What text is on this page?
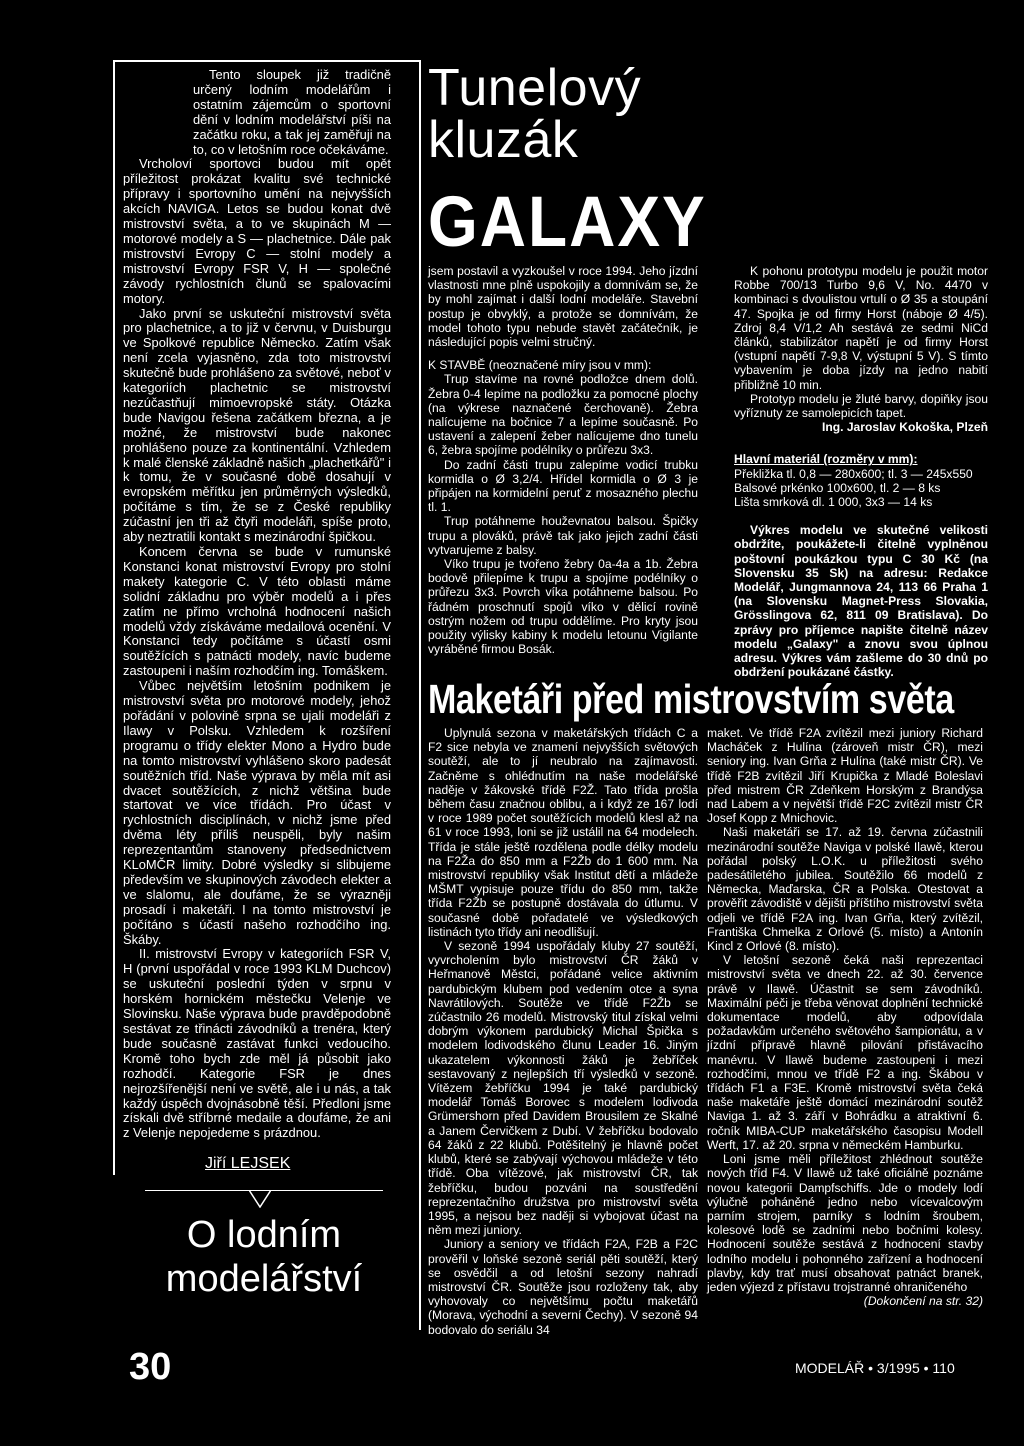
Tento sloupek již tradičně určený lodním modelářům i ostatním zájemcům o sportovní dění v lodním modelářství píši na začátku roku, a tak jej zaměřuji na to, co v letošním roce očekáváme.

Vrcholoví sportovci budou mít opět příležitost prokázat kvalitu své technické přípravy i sportovního umění na nejvyšších akcích NAVIGA. Letos se budou konat dvě mistrovství světa, a to ve skupinách M — motorové modely a S — plachetnice. Dále pak mistrovství Evropy C — stolní modely a mistrovství Evropy FSR V, H — společné závody rychlostních člunů se spalovacími motory.

Jako první se uskuteční mistrovství světa pro plachetnice, a to již v červnu, v Duisburgu ve Spolkové republice Německo. Zatím však není zcela vyjasněno, zda toto mistrovství skutečně bude prohlášeno za světové, neboť v kategoriích plachetnic se mistrovství nezúčastňují mimoevropské státy. Otázka bude Navigou řešena začátkem března, a je možné, že mistrovství bude nakonec prohlášeno pouze za kontinentální. Vzhledem k malé členské základně našich „plachetkářů" i k tomu, že v současné době dosahují v evropském měřítku jen průměrných výsledků, počítáme s tím, že se z České republiky zúčastní jen tři až čtyři modeláři, spíše proto, aby neztratili kontakt s mezinárodní špičkou.

Koncem června se bude v rumunské Konstanci konat mistrovství Evropy pro stolní makety kategorie C. V této oblasti máme solidní základnu pro výběr modelů a i přes zatím ne přímo vrcholná hodnocení našich modelů vždy získáváme medailová ocenění. V Konstanci tedy počítáme s účastí osmi soutěžících s patnácti modely, navíc budeme zastoupeni i naším rozhodčím ing. Tomáškem.

Vůbec největším letošním podnikem je mistrovství světa pro motorové modely, jehož pořádání v polovině srpna se ujali modeláři z Ilawy v Polsku. Vzhledem k rozšíření programu o třídy elekter Mono a Hydro bude na tomto mistrovství vyhlášeno skoro padesát soutěžních tříd. Naše výprava by měla mít asi dvacet soutěžících, z nichž většina bude startovat ve více třídách. Pro účast v rychlostních disciplínách, v nichž jsme před dvěma léty příliš neuspěli, byly našim reprezentantům stanoveny předsednictvem KLoMČR limity. Dobré výsledky si slibujeme především ve skupinových závodech elekter a ve slalomu, ale doufáme, že se výrazněji prosadí i maketáři. I na tomto mistrovství je počítáno s účastí našeho rozhodčího ing. Škáby.

II. mistrovství Evropy v kategoriích FSR V, H (první uspořádal v roce 1993 KLM Duchcov) se uskuteční poslední týden v srpnu v horském hornickém městečku Velenje ve Slovinsku. Naše výprava bude pravděpodobně sestávat ze třinácti závodníků a trenéra, který bude současně zastávat funkci vedoucího. Kromě toho bych zde měl já působit jako rozhodčí. Kategorie FSR je dnes nejrozšířenější není ve světě, ale i u nás, a tak každý úspěch dvojnásobně těší. Předloni jsme získali dvě stříbrné medaile a doufáme, že ani z Velenje nepojedeme s prázdnou.

Jiří LEJSEK
O lodním
modelářství
30	MODELÁŘ • 3/1995 • 110
Tunelový
kluzák
GALAXY

jsem postavil a vyzkoušel v roce 1994. Jeho jízdní vlastnosti mne plně uspokojily a domnívám se, že by mohl zajímat i další lodní modeláře. Stavební postup je obvyklý, a protože se domnívám, že model tohoto typu nebude stavět začátečník, je následující popis velmi stručný.

K STAVBĚ (neoznačené míry jsou v mm):

Trup stavíme na rovné podložce dnem dolů. Žebra 0-4 lepíme na podložku za pomocné plochy (na výkrese naznačené čerchovaně). Žebra nalícujeme na bočnice 7 a lepíme současně. Po ustavení a zalepení žeber nalícujeme dno tunelu 6, žebra spojíme podélníky o průřezu 3x3.

Do zadní části trupu zalepíme vodicí trubku kormidla o Ø 3,2/4. Hřídel kormidla o Ø 3 je připájen na kormidelní peruť z mosazného plechu tl. 1.

Trup potáhneme houževnatou balsou. Špičky trupu a plováků, právě tak jako jejich zadní části vytvarujeme z balsy.

Víko trupu je tvořeno žebry 0a-4a a 1b. Žebra bodově přilepíme k trupu a spojíme podélníky o průřezu 3x3. Povrch víka potáhneme balsou. Po řádném proschnutí spojů víko v dělicí rovině ostrým nožem od trupu oddělíme. Pro kryty jsou použity výlisky kabiny k modelu letounu Vigilante vyráběné firmou Bosák.

K pohonu prototypu modelu je použit motor Robbe 700/13 Turbo 9,6 V, No. 4470 v kombinaci s dvoulistou vrtulí o Ø 35 a stoupání 47. Spojka je od firmy Horst (náboje Ø 4/5). Zdroj 8,4 V/1,2 Ah sestává ze sedmi NiCd článků, stabilizátor napětí je od firmy Horst (vstupní napětí 7-9,8 V, výstupní 5 V). S tímto vybavením je doba jízdy na jedno nabití přibližně 10 min.

Prototyp modelu je žluté barvy, dopiňky jsou vyříznuty ze samolepicích tapet.

Ing. Jaroslav Kokoška, Plzeň

Hlavní materiál (rozměry v mm):

Překližka tl. 0,8 — 280x600; tl. 3 — 245x550

Balsové prkénko 100x600, tl. 2 — 8 ks

Lišta smrková dl. 1 000, 3x3 — 14 ks

Výkres modelu ve skutečné velikosti obdržíte, poukážete-li čitelně vyplněnou poštovní poukázkou typu C 30 Kč (na Slovensku 35 Sk) na adresu: Redakce Modelář, Jungmannova 24, 113 66 Praha 1 (na Slovensku Magnet-Press Slovakia, Grösslingova 62, 811 09 Bratislava). Do zprávy pro příjemce napište čitelně název modelu „Galaxy" a znovu svou úplnou adresu. Výkres vám zašleme do 30 dnů po obdržení poukázané částky.

Maketáři před mistrovstvím světa

Uplynulá sezona v maketářských třídách C a F2 sice nebyla ve znamení nejvyšších světových soutěží, ale to jí neubralo na zajímavosti. Začněme s ohlédnutím na naše modelářské naděje v žákovské třídě F2Ž. Tato třída prošla během času značnou oblibu, a i když ze 167 lodí v roce 1989 počet soutěžících modelů klesl až na 61 v roce 1993, loni se již ustálil na 64 modelech. Třída je stále ještě rozdělena podle délky modelu na F2Ža do 850 mm a F2Žb do 1 600 mm. Na mistrovství republiky však Institut dětí a mládeže MŠMT vypisuje pouze třídu do 850 mm, takže třída F2Žb se postupně dostávala do útlumu. V současné době pořadatelé ve výsledkových listinách tyto třídy ani neodlišují.

V sezoně 1994 uspořádaly kluby 27 soutěží, vyvrcholením bylo mistrovství ČR žáků v Heřmanově Městci, pořádané velice aktivním pardubickým klubem pod vedením otce a syna Navrátilových. Soutěže ve třídě F2Žb se zúčastnilo 26 modelů. Mistrovský titul získal velmi dobrým výkonem pardubický Michal Špička s modelem lodivodského člunu Leader 16. Jiným ukazatelem výkonnosti žáků je žebříček sestavovaný z nejlepších tří výsledků v sezoně. Vítězem žebříčku 1994 je také pardubický modelář Tomáš Borovec s modelem lodivoda Grümershorn před Davidem Brousilem ze Skalné a Janem Červičkem z Dubí. V žebříčku bodovalo 64 žáků z 22 klubů. Potěšitelný je hlavně počet klubů, které se zabývají výchovou mládeže v této třídě. Oba vítězové, jak mistrovství ČR, tak žebříčku, budou pozváni na soustředění reprezentačního družstva pro mistrovství světa 1995, a nejsou bez naději si vybojovat účast na něm mezi juniory.

Juniory a seniory ve třídách F2A, F2B a F2C prověřil v loňské sezoně seriál pěti soutěží, který se osvědčil a od letošní sezony nahradí mistrovství ČR. Soutěže jsou rozloženy tak, aby vyhovovaly co největšímu počtu maketářů (Morava, východní a severní Čechy). V sezoně 94 bodovalo do seriálu 34

maket. Ve třídě F2A zvítězil mezi juniory Richard Macháček z Hulína (zároveň mistr ČR), mezi seniory ing. Ivan Grňa z Hulína (také mistr ČR). Ve třídě F2B zvítězil Jiří Krupička z Mladé Boleslavi před mistrem ČR Zdeňkem Horským z Brandýsa nad Labem a v největší třídě F2C zvítězil mistr ČR Josef Kopp z Mnichovic.

Naši maketáři se 17. až 19. června zúčastnili mezinárodní soutěže Naviga v polské Ilawě, kterou pořádal polský L.O.K. u příležitosti svého padesátiletého jubilea. Soutěžilo 66 modelů z Německa, Maďarska, ČR a Polska. Otestovat a prověřit závodiště v dějišti příštího mistrovství světa odjeli ve třídě F2A ing. Ivan Grňa, který zvítězil, Františka Chmelka z Orlové (5. místo) a Antonín Kincl z Orlové (8. místo).

V letošní sezoně čeká naši reprezentaci mistrovství světa ve dnech 22. až 30. července právě v Ilawě. Účastnit se sem závodníků. Maximální péči je třeba věnovat doplnění technické dokumentace modelů, aby odpovídala požadavkům určeného světového šampionátu, a v jízdní přípravě hlavně pilování přistávacího manévru. V Ilawě budeme zastoupeni i mezi rozhodčími, mnou ve třídě F2 a ing. Škábou v třídách F1 a F3E. Kromě mistrovství světa čeká naše maketáře ještě domácí mezinárodní soutěž Naviga 1. až 3. září v Bohrádku a atraktivní 6. ročník MIBA-CUP maketářského časopisu Modell Werft, 17. až 20. srpna v německém Hamburku.

Loni jsme měli příležitost zhlédnout soutěže nových tříd F4. V Ilawě už také oficiálně poznáme novou kategorii Dampfschiffs. Jde o modely lodí výlučně poháněné jedno nebo vícevalcovým parním strojem, parníky s lodním šroubem, kolesové lodě se zadními nebo bočními kolesy. Hodnocení soutěže sestává z hodnocení stavby lodního modelu i pohonného zařízení a hodnocení plavby, kdy trať musí obsahovat patnáct branek, jeden výjezd z přístavu trojstranné ohraničeného

(Dokončení na str. 32)
